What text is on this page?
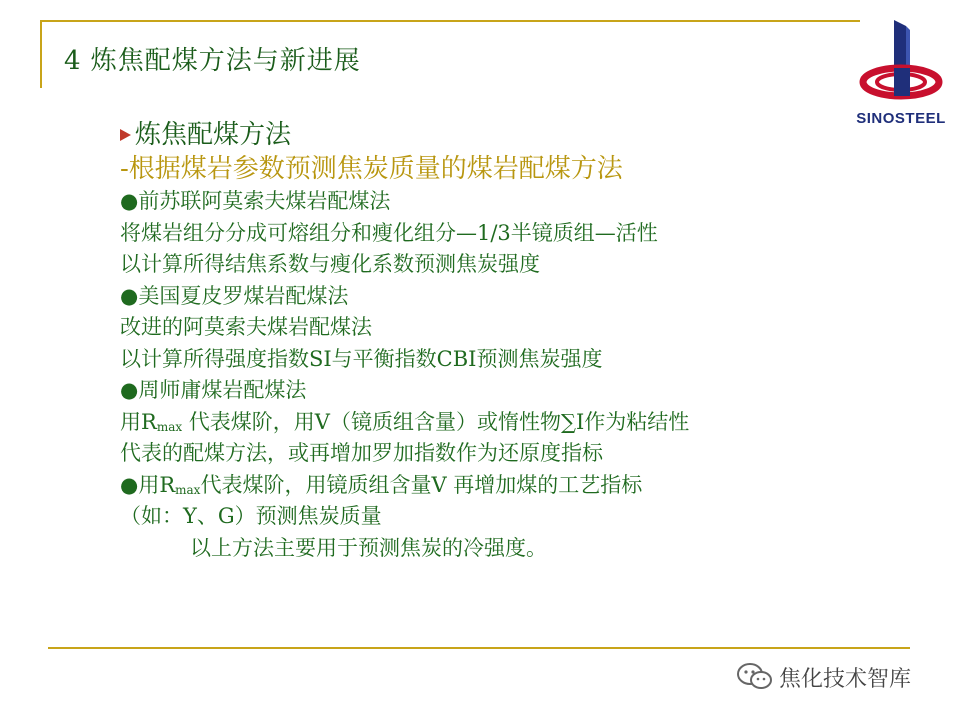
4 炼焦配煤方法与新进展
SINOSTEEL
炼焦配煤方法
-根据煤岩参数预测焦炭质量的煤岩配煤方法
●前苏联阿莫索夫煤岩配煤法
将煤岩组分分成可熔组分和瘦化组分—1/3半镜质组—活性
以计算所得结焦系数与瘦化系数预测焦炭强度
●美国夏皮罗煤岩配煤法
改进的阿莫索夫煤岩配煤法
以计算所得强度指数SI与平衡指数CBI预测焦炭强度
●周师庸煤岩配煤法
用$R_{max}$ 代表煤阶，用V（镜质组含量）或惰性物∑I作为粘结性
代表的配煤方法，或再增加罗加指数作为还原度指标
●用$R_{max}$代表煤阶，用镜质组含量V 再增加煤的工艺指标
（如：Y、G）预测焦炭质量
以上方法主要用于预测焦炭的冷强度。
焦化技术智库
